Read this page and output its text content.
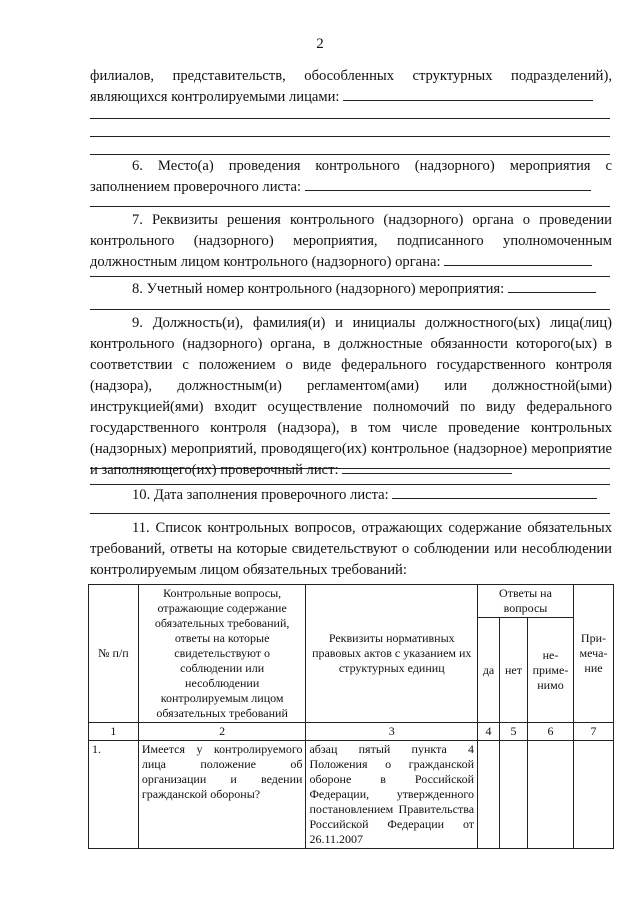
2

филиалов, представительств, обособленных структурных подразделений), являющихся контролируемыми лицами:

6. Место(а) проведения контрольного (надзорного) мероприятия с заполнением проверочного листа:

7. Реквизиты решения контрольного (надзорного) органа о проведении контрольного (надзорного) мероприятия, подписанного уполномоченным должностным лицом контрольного (надзорного) органа:

8. Учетный номер контрольного (надзорного) мероприятия:

9. Должность(и), фамилия(и) и инициалы должностного(ых) лица(лиц) контрольного (надзорного) органа, в должностные обязанности которого(ых) в соответствии с положением о виде федерального государственного контроля (надзора), должностным(и) регламентом(ами) или должностной(ыми) инструкцией(ями) входит осуществление полномочий по виду федерального государственного контроля (надзора), в том числе проведение контрольных (надзорных) мероприятий, проводящего(их) контрольное (надзорное) мероприятие и заполняющего(их) проверочный лист:

10. Дата заполнения проверочного листа:

11. Список контрольных вопросов, отражающих содержание обязательных требований, ответы на которые свидетельствуют о соблюдении или несоблюдении контролируемым лицом обязательных требований:

№ п/п	Контрольные вопросы, отражающие содержание обязательных требований, ответы на которые свидетельствуют о соблюдении или несоблюдении контролируемым лицом обязательных требований	Реквизиты нормативных правовых актов с указанием их структурных единиц	Ответы на вопросы			При-меча-ние
			да	нет	не-приме-нимо	
1	2	3	4	5	6	7
1.	Имеется у контролируемого лица положение об организации и ведении гражданской обороны?	абзац пятый пункта 4 Положения о гражданской обороне в Российской Федерации, утвержденного постановлением Правительства Российской Федерации от 26.11.2007				
